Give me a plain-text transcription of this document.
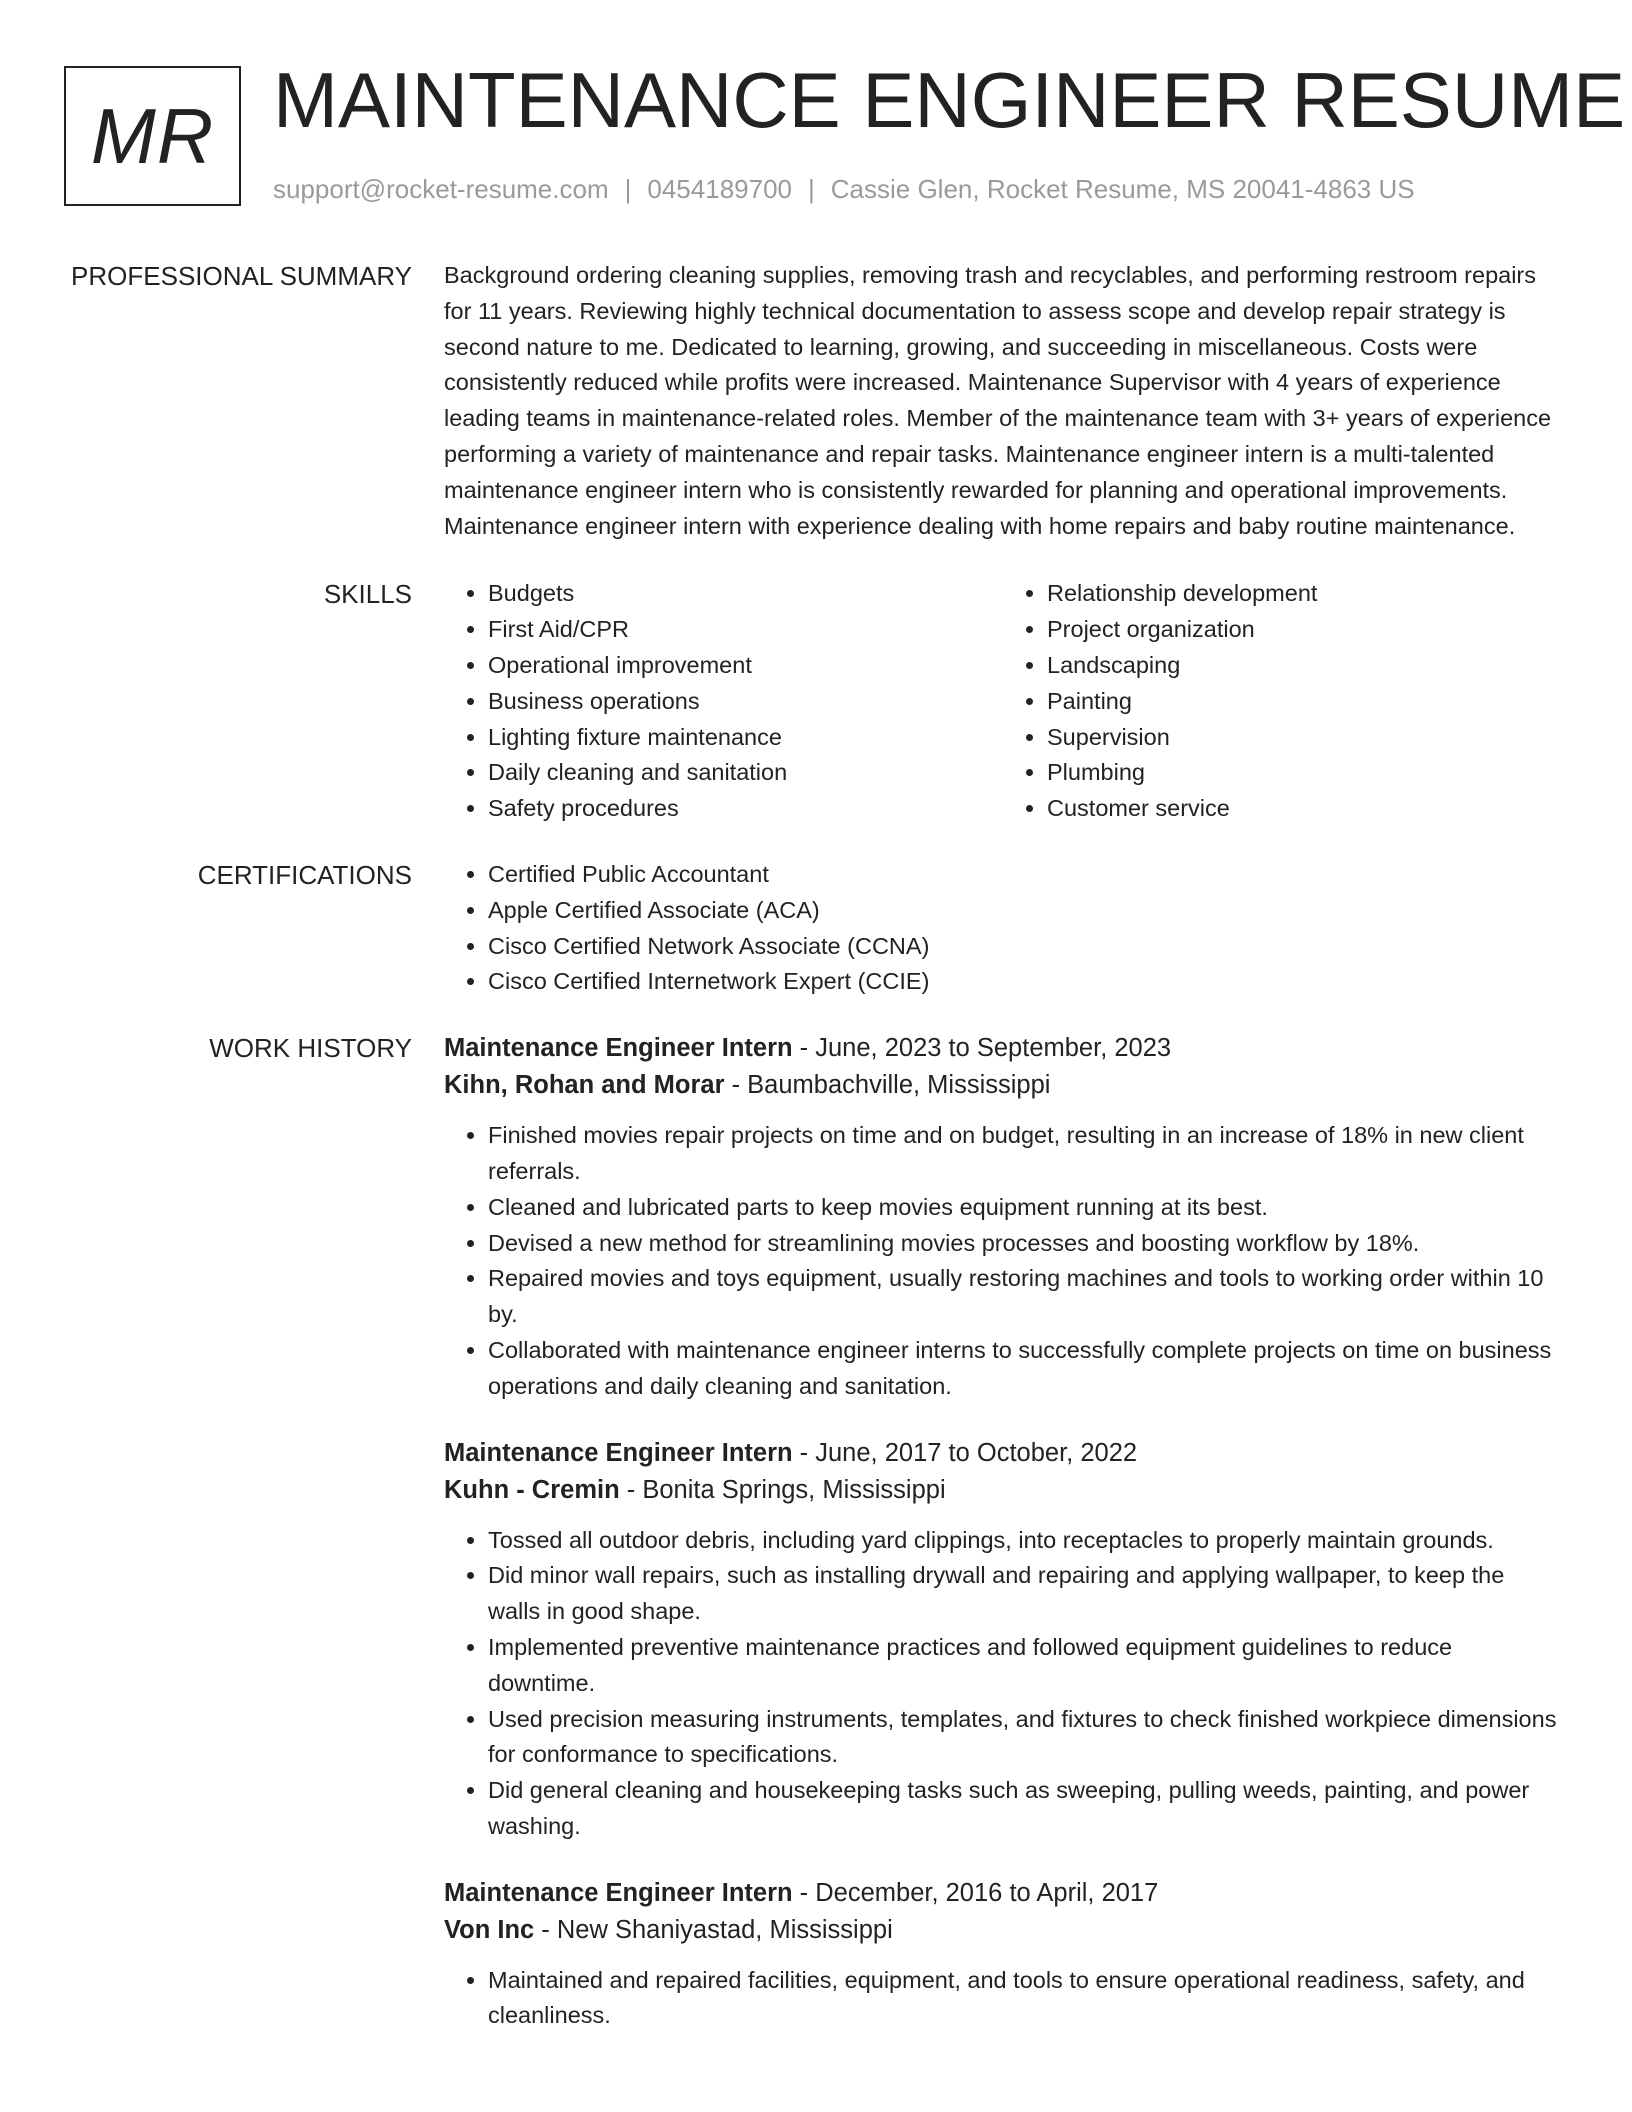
MR MAINTENANCE ENGINEER RESUME
support@rocket-resume.com | 0454189700 | Cassie Glen, Rocket Resume, MS 20041-4863 US
PROFESSIONAL SUMMARY Background ordering cleaning supplies, removing trash and recyclables, and performing restroom repairs for 11 years. Reviewing highly technical documentation to assess scope and develop repair strategy is second nature to me. Dedicated to learning, growing, and succeeding in miscellaneous. Costs were consistently reduced while profits were increased. Maintenance Supervisor with 4 years of experience leading teams in maintenance-related roles. Member of the maintenance team with 3+ years of experience performing a variety of maintenance and repair tasks. Maintenance engineer intern is a multi-talented maintenance engineer intern who is consistently rewarded for planning and operational improvements. Maintenance engineer intern with experience dealing with home repairs and baby routine maintenance.

SKILLS	• Budgets
• First Aid/CPR
• Operational improvement
• Business operations
• Lighting fixture maintenance
• Daily cleaning and sanitation
• Safety procedures
• Relationship development
• Project organization
• Landscaping
• Painting
• Supervision
• Plumbing
• Customer service
CERTIFICATIONS	• Certified Public Accountant
• Apple Certified Associate (ACA)
• Cisco Certified Network Associate (CCNA)
• Cisco Certified Internetwork Expert (CCIE)
WORK HISTORY Maintenance Engineer Intern - June, 2023 to September, 2023
Kihn, Rohan and Morar - Baumbachville, Mississippi
• Finished movies repair projects on time and on budget, resulting in an increase of 18% in new client referrals.
• Cleaned and lubricated parts to keep movies equipment running at its best.
• Devised a new method for streamlining movies processes and boosting workflow by 18%.
• Repaired movies and toys equipment, usually restoring machines and tools to working order within 10 by.
• Collaborated with maintenance engineer interns to successfully complete projects on time on business operations and daily cleaning and sanitation.
Maintenance Engineer Intern - June, 2017 to October, 2022
Kuhn - Cremin - Bonita Springs, Mississippi
• Tossed all outdoor debris, including yard clippings, into receptacles to properly maintain grounds.
• Did minor wall repairs, such as installing drywall and repairing and applying wallpaper, to keep the walls in good shape.
• Implemented preventive maintenance practices and followed equipment guidelines to reduce downtime.
• Used precision measuring instruments, templates, and fixtures to check finished workpiece dimensions for conformance to specifications.
• Did general cleaning and housekeeping tasks such as sweeping, pulling weeds, painting, and power washing.
Maintenance Engineer Intern - December, 2016 to April, 2017
Von Inc - New Shaniyastad, Mississippi
• Maintained and repaired facilities, equipment, and tools to ensure operational readiness, safety, and cleanliness.
